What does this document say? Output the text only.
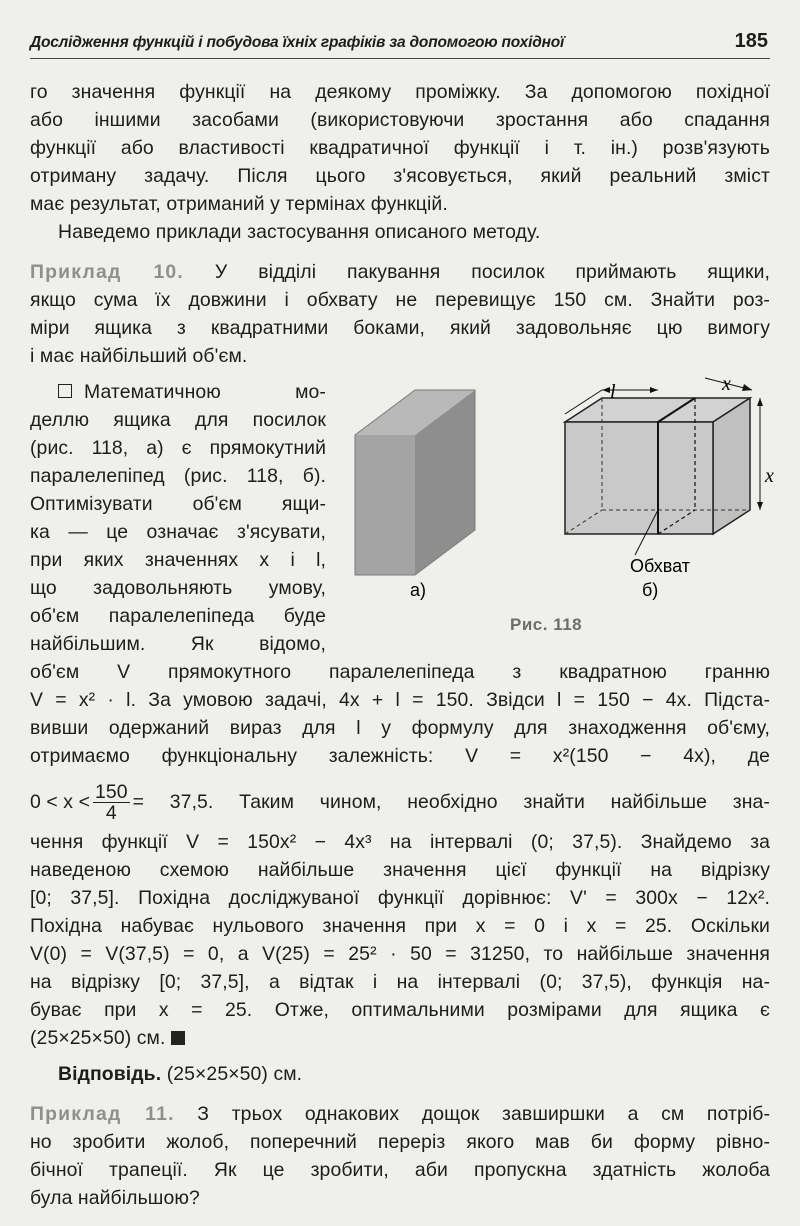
Дослідження функцій і побудова їхніх графіків за допомогою похідної	185
го значення функції на деякому проміжку. За допомогою похідної
або іншими засобами (використовуючи зростання або спадання
функції або властивості квадратичної функції і т. ін.) розв'язують
отриману задачу. Після цього з'ясовується, який реальний зміст
має результат, отриманий у термінах функцій.
Наведемо приклади застосування описаного методу.
Приклад 10. У відділі пакування посилок приймають ящики,
якщо сума їх довжини і обхвату не перевищує 150 см. Знайти роз-
міри ящика з квадратними боками, який задовольняє цю вимогу
і має найбільший об'єм.
Математичною мо-
деллю ящика для посилок
(рис. 118, а) є прямокутний
паралелепіпед (рис. 118, б).
Оптимізувати об'єм ящи-
ка — це означає з'ясувати,
при яких значеннях x і l,
що задовольняють умову,
об'єм паралелепіпеда буде
найбільшим. Як відомо,
l	x
x
Обхват
а)	б)
Рис. 118
об'єм V прямокутного паралелепіпеда з квадратною гранню
V = x² · l. За умовою задачі, 4x + l = 150. Звідси l = 150 − 4x. Підста-
вивши одержаний вираз для l у формулу для знаходження об'єму,
отримаємо функціональну залежність: V = x²(150 − 4x), де
$0 < x < \frac{150}{4} = 37,5$. Таким чином, необхідно знайти найбільше зна-
чення функції V = 150x² − 4x³ на інтервалі (0; 37,5). Знайдемо за
наведеною схемою найбільше значення цієї функції на відрізку
[0; 37,5]. Похідна досліджуваної функції дорівнює: V' = 300x − 12x².
Похідна набуває нульового значення при x = 0 і x = 25. Оскільки
V(0) = V(37,5) = 0, а V(25) = 25² · 50 = 31250, то найбільше значення
на відрізку [0; 37,5], а відтак і на інтервалі (0; 37,5), функція на-
буває при x = 25. Отже, оптимальними розмірами для ящика є
(25×25×50) см.
Відповідь. (25×25×50) см.
Приклад 11. З трьох однакових дощок завширшки a см потріб-
но зробити жолоб, поперечний переріз якого мав би форму рівно-
бічної трапеції. Як це зробити, аби пропускна здатність жолоба
була найбільшою?
